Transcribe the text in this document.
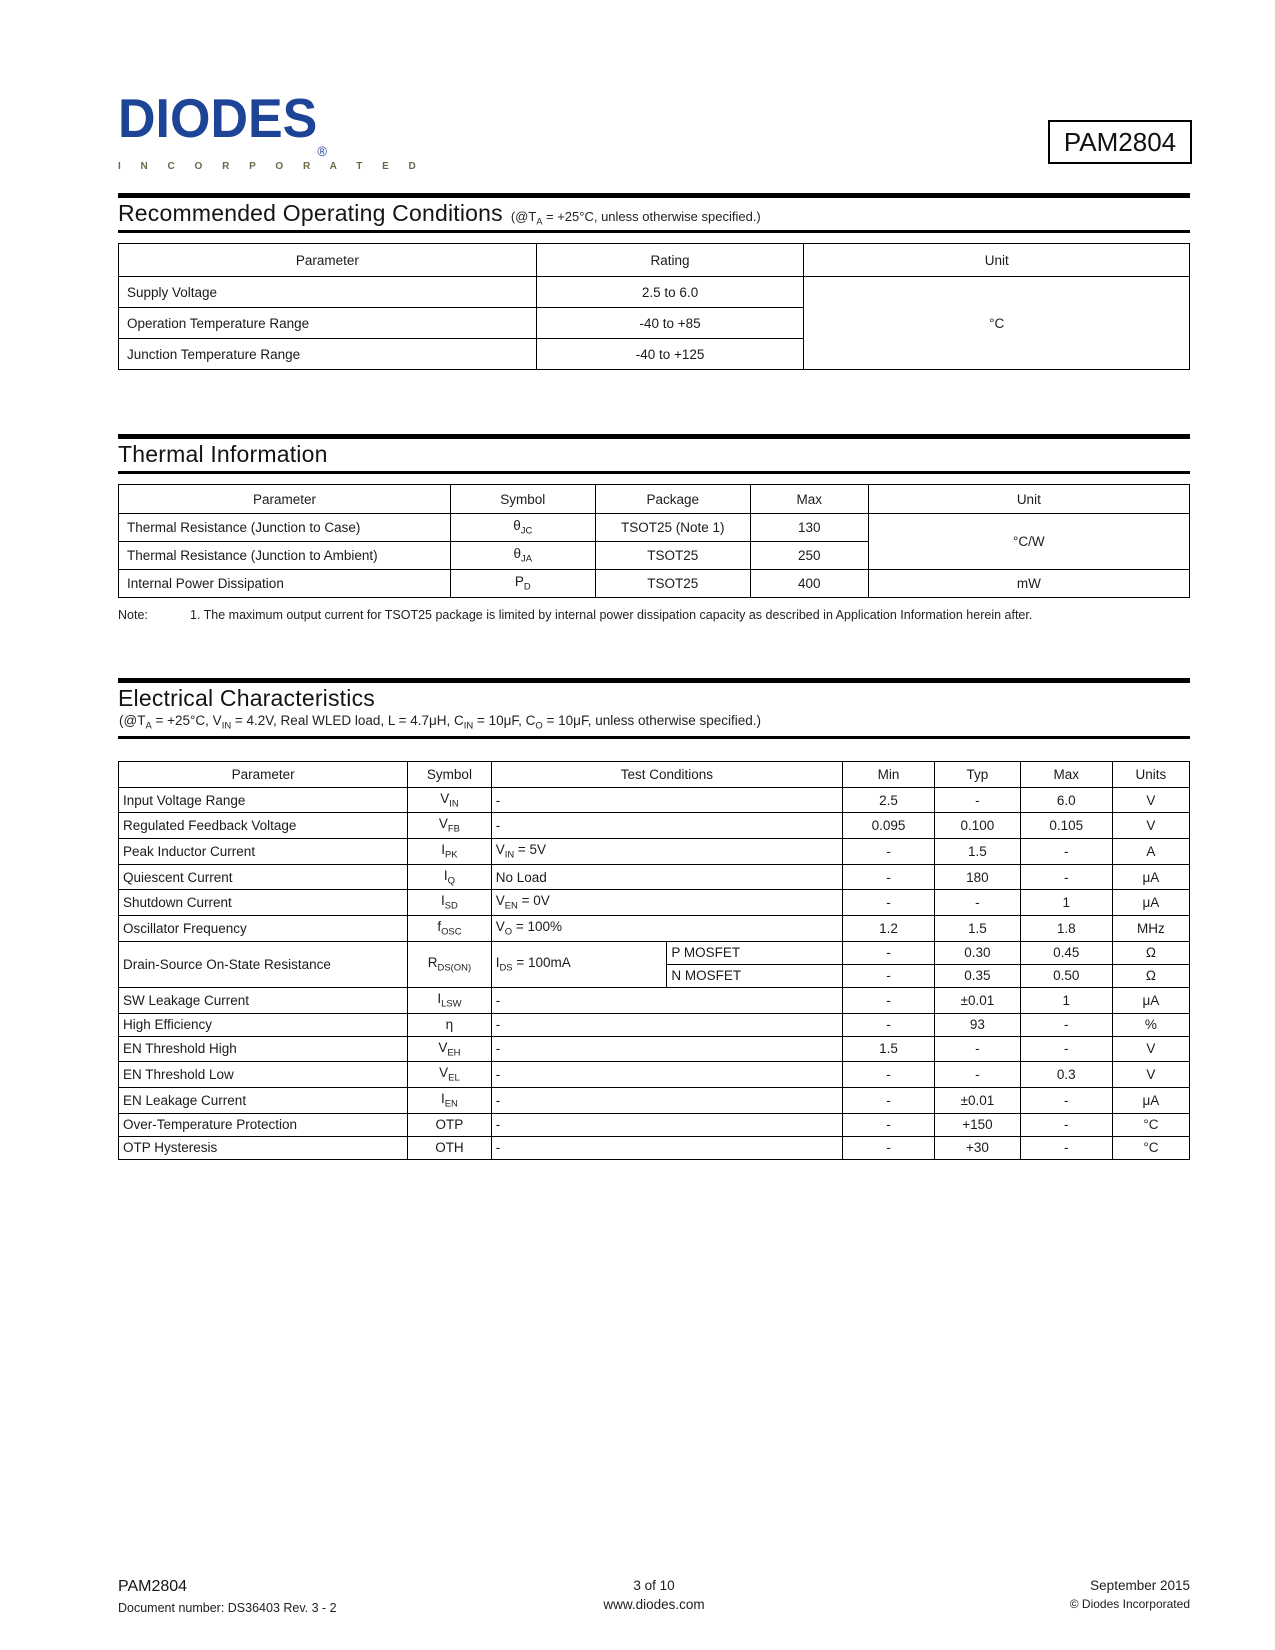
$DIODES_®$
I N C O R P O R A T E D
PAM2804
Recommended Operating Conditions ($@T_A = +25^\circ C$, unless otherwise specified.)
Parameter	Rating	Unit
Supply Voltage	2.5 to 6.0	°C
Operation Temperature Range	-40 to +85	
Junction Temperature Range	-40 to +125	
Thermal Information
Parameter	Symbol	Package	Max	Unit
Thermal Resistance (Junction to Case)	$\theta_{JC}$	TSOT25 (Note 1)	130	°C/W
Thermal Resistance (Junction to Ambient)	$\theta_{JA}$	TSOT25	250	
Internal Power Dissipation	$P_D$	TSOT25	400	mW
Note:	1. The maximum output current for TSOT25 package is limited by internal power dissipation capacity as described in Application Information herein after.
Electrical Characteristics
($@T_A = +25^\circ C$, $V_{IN} = 4.2V$, Real WLED load, L = 4.7μH, $C_{IN} = 10\mu F$, $C_O = 10\mu F$, unless otherwise specified.)
Parameter	Symbol	Test Conditions		Min	Typ	Max	Units
Input Voltage Range	$V_{IN}$	-		2.5	-	6.0	V
Regulated Feedback Voltage	$V_{FB}$	-		0.095	0.100	0.105	V
Peak Inductor Current	$I_{PK}$	$V_{IN} = 5V$		-	1.5	-	A
Quiescent Current	$I_Q$	No Load		-	180	-	μA
Shutdown Current	$I_{SD}$	$V_{EN} = 0V$		-	-	1	μA
Oscillator Frequency	$f_{OSC}$	$V_O = 100\%$		1.2	1.5	1.8	MHz
Drain-Source On-State Resistance	$R_{DS(ON)}$	$I_{DS} = 100mA$	P MOSFET	-	0.30	0.45	Ω
			N MOSFET	-	0.35	0.50	Ω
SW Leakage Current	$I_{LSW}$	-		-	±0.01	1	μA
High Efficiency	η	-		-	93	-	%
EN Threshold High	$V_{EH}$	-		1.5	-	-	V
EN Threshold Low	$V_{EL}$	-		-	-	0.3	V
EN Leakage Current	$I_{EN}$	-		-	±0.01	-	μA
Over-Temperature Protection	OTP	-		-	+150	-	°C
OTP Hysteresis	OTH	-		-	+30	-	°C
PAM2804
Document number: DS36403 Rev. 3 - 2
3 of 10
www.diodes.com
September 2015
© Diodes Incorporated
